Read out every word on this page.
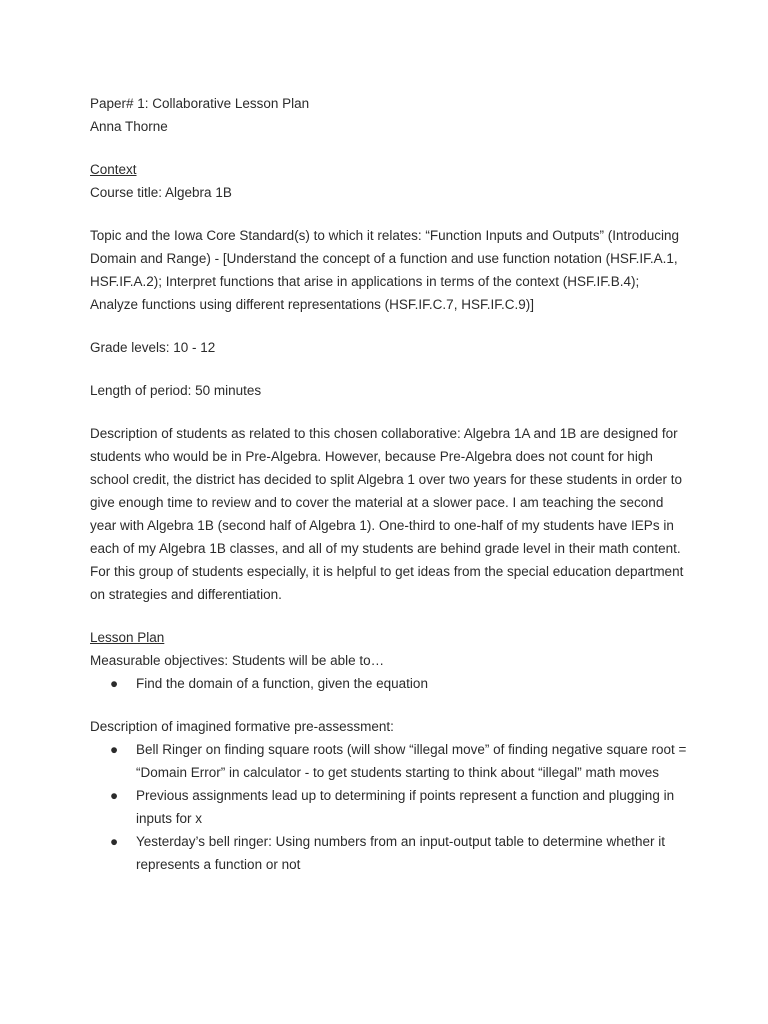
Paper# 1: Collaborative Lesson Plan

Anna Thorne

Context

Course title: Algebra 1B

Topic and the Iowa Core Standard(s) to which it relates: “Function Inputs and Outputs” (Introducing Domain and Range) - [Understand the concept of a function and use function notation (HSF.IF.A.1, HSF.IF.A.2); Interpret functions that arise in applications in terms of the context (HSF.IF.B.4); Analyze functions using different representations (HSF.IF.C.7, HSF.IF.C.9)]

Grade levels: 10 - 12

Length of period: 50 minutes

Description of students as related to this chosen collaborative: Algebra 1A and 1B are designed for students who would be in Pre-Algebra. However, because Pre-Algebra does not count for high school credit, the district has decided to split Algebra 1 over two years for these students in order to give enough time to review and to cover the material at a slower pace. I am teaching the second year with Algebra 1B (second half of Algebra 1). One-third to one-half of my students have IEPs in each of my Algebra 1B classes, and all of my students are behind grade level in their math content. For this group of students especially, it is helpful to get ideas from the special education department on strategies and differentiation.

Lesson Plan

Measurable objectives: Students will be able to…

● Find the domain of a function, given the equation

Description of imagined formative pre-assessment:

● Bell Ringer on finding square roots (will show “illegal move” of finding negative square root = “Domain Error” in calculator - to get students starting to think about “illegal” math moves
● Previous assignments lead up to determining if points represent a function and plugging in inputs for x
● Yesterday’s bell ringer: Using numbers from an input-output table to determine whether it represents a function or not
